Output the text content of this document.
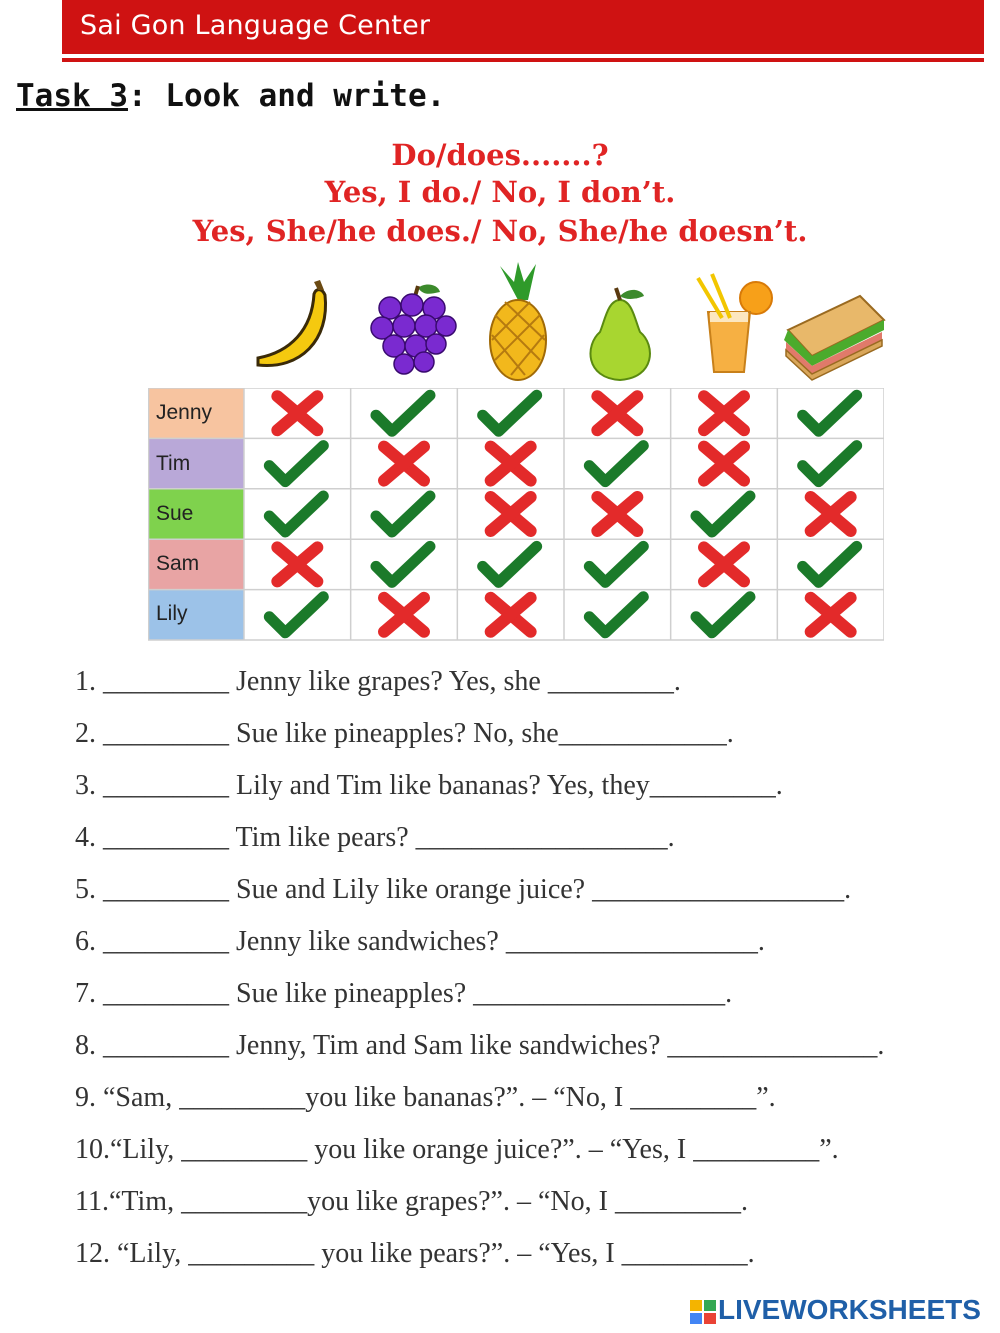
Sai Gon Language Center
Task 3: Look and write.
Do/does.......?
Yes, I do./ No, I don’t.
Yes, She/he does./ No, She/he doesn’t.
Jenny
Tim
Sue
Sam
Lily
1. _________ Jenny like grapes? Yes, she _________.
2. _________ Sue like pineapples? No, she____________.
3. _________ Lily and Tim like bananas? Yes, they_________.
4. _________ Tim like pears? __________________.
5. _________ Sue and Lily like orange juice? __________________.
6. _________ Jenny like sandwiches? __________________.
7. _________ Sue like pineapples? __________________.
8. _________ Jenny, Tim and Sam like sandwiches? _______________.
9. “Sam, _________you like bananas?”. – “No, I _________”.
10.“Lily, _________ you like orange juice?”. – “Yes, I _________”.
11.“Tim, _________you like grapes?”. – “No, I _________.
12. “Lily, _________ you like pears?”. – “Yes, I _________.
LIVEWORKSHEETS
